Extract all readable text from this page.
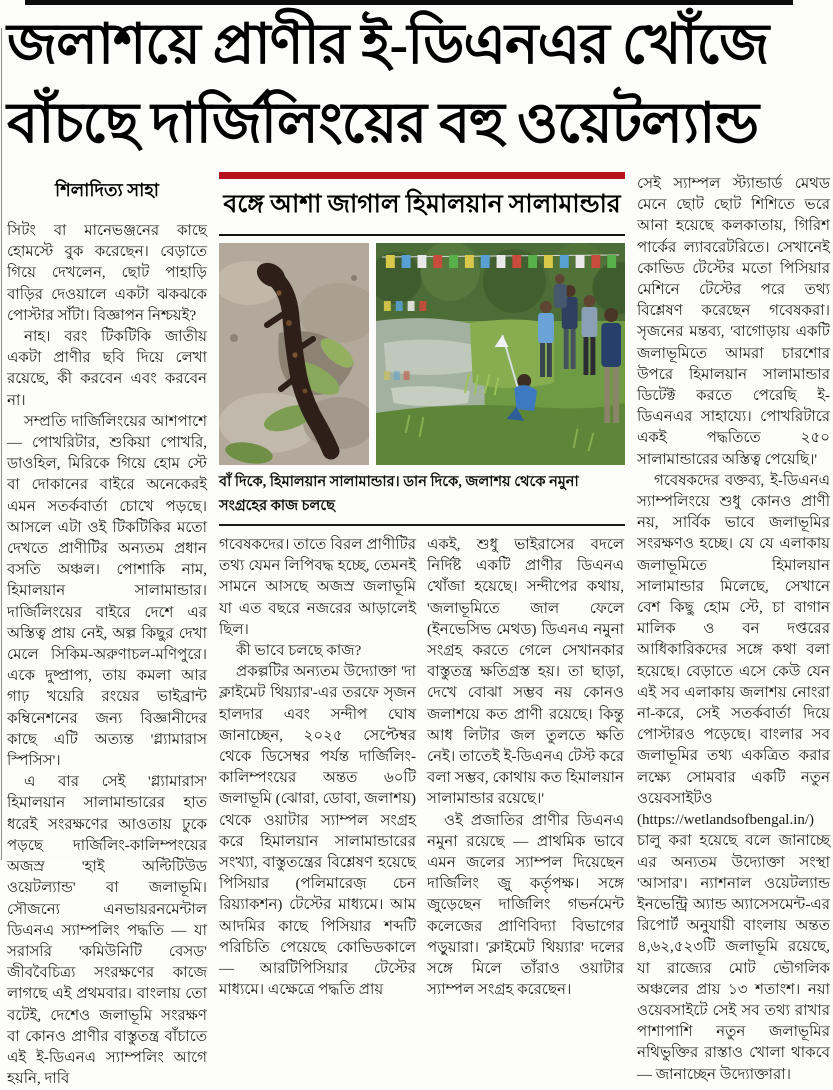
জলাশয়ে প্রাণীর ই-ডিএনএর খোঁজে
বাঁচছে দার্জিলিংয়ের বহু ওয়েটল্যান্ড
শিলাদিত্য সাহা

সিটং বা মানেভঞ্জনের কাছে হোমস্টে বুক করেছেন। বেড়াতে গিয়ে দেখলেন, ছোট পাহাড়ি বাড়ির দেওয়ালে একটা ঝকঝকে পোস্টার সাঁটা। বিজ্ঞাপন নিশ্চয়ই?

নাহ। বরং টিকটিকি জাতীয় একটা প্রাণীর ছবি দিয়ে লেখা রয়েছে, কী করবেন এবং করবেন না।

সম্প্রতি দার্জিলিংয়ের আশপাশে — পোখরিটার, শুকিয়া পোখরি, ডাওহিল, মিরিকে গিয়ে হোম স্টে বা দোকানের বাইরে অনেকেরই এমন সতর্কবার্তা চোখে পড়ছে। আসলে এটা ওই টিকটিকির মতো দেখতে প্রাণীটির অন্যতম প্রধান বসতি অঞ্চল। পোশাকি নাম, হিমালয়ান সালামান্ডার। দার্জিলিংয়ের বাইরে দেশে এর অস্তিত্ব প্রায় নেই, অল্প কিছুর দেখা মেলে সিকিম-অরুণাচল-মণিপুরে। একে দুষ্প্রাপ্য, তায় কমলা আর গাঢ় খয়েরি রংয়ের ভাইব্রান্ট কম্বিনেশনের জন্য বিজ্ঞানীদের কাছে এটি অত্যন্ত 'গ্ল্যামারাস স্পিসিস'।

এ বার সেই 'গ্ল্যামারাস' হিমালয়ান সালামান্ডারের হাত ধরেই সংরক্ষণের আওতায় ঢুকে পড়ছে দার্জিলিং-কালিম্পংয়ের অজস্র 'হাই অল্টিটিউড ওয়েটল্যান্ড' বা জলাভূমি। সৌজন্যে এনভায়রনমেন্টাল ডিএনএ স্যাম্পলিং পদ্ধতি — যা সরাসরি 'কমিউনিটি বেসড' জীববৈচিত্র্য সংরক্ষণের কাজে লাগছে এই প্রথমবার। বাংলায় তো বটেই, দেশেও জলাভূমি সংরক্ষণ বা কোনও প্রাণীর বাস্তুতন্ত্র বাঁচাতে এই ই-ডিএনএ স্যাম্পলিং আগে হয়নি, দাবি

বঙ্গে আশা জাগাল হিমালয়ান সালামান্ডার
বাঁ দিকে, হিমালয়ান সালামান্ডার। ডান দিকে, জলাশয় থেকে নমুনা সংগ্রহের কাজ চলছে

গবেষকদের। তাতে বিরল প্রাণীটির তথ্য যেমন লিপিবদ্ধ হচ্ছে, তেমনই সামনে আসছে অজস্র জলাভূমি যা এত বছরে নজরের আড়ালেই ছিল।

কী ভাবে চলছে কাজ?

প্রকল্পটির অন্যতম উদ্যোক্তা 'দা ক্লাইমেট থিয়্যার'-এর তরফে সৃজন হালদার এবং সন্দীপ ঘোষ জানাচ্ছেন, ২০২৫ সেপ্টেম্বর থেকে ডিসেম্বর পর্যন্ত দার্জিলিং-কালিম্পংয়ের অন্তত ৬০টি জলাভূমি (ঝোরা, ডোবা, জলাশয়) থেকে ওয়াটার স্যাম্পল সংগ্রহ করে হিমালয়ান সালামান্ডারের সংখ্যা, বাস্তুতন্ত্রের বিশ্লেষণ হয়েছে পিসিয়ার (পলিমারেজ় চেন রিয়্যাকশন) টেস্টের মাধ্যমে। আম আদমির কাছে পিসিয়ার শব্দটি পরিচিতি পেয়েছে কোভিডকালে — আরটিপিসিয়ার টেস্টের মাধ্যমে। এক্ষেত্রে পদ্ধতি প্রায়

একই, শুধু ভাইরাসের বদলে নির্দিষ্ট একটি প্রাণীর ডিএনএ খোঁজা হয়েছে। সন্দীপের কথায়, 'জলাভূমিতে জাল ফেলে (ইনভেসিভ মেথড) ডিএনএ নমুনা সংগ্রহ করতে গেলে সেখানকার বাস্তুতন্ত্র ক্ষতিগ্রস্ত হয়। তা ছাড়া, দেখে বোঝা সম্ভব নয় কোনও জলাশয়ে কত প্রাণী রয়েছে। কিন্তু আধ লিটার জল তুলতে ক্ষতি নেই। তাতেই ই-ডিএনএ টেস্ট করে বলা সম্ভব, কোথায় কত হিমালয়ান সালামান্ডার রয়েছে।'

ওই প্রজাতির প্রাণীর ডিএনএ নমুনা রয়েছে — প্রাথমিক ভাবে এমন জলের স্যাম্পল দিয়েছেন দার্জিলিং জ়ু কর্তৃপক্ষ। সঙ্গে জুড়েছেন দার্জিলিং গভর্নমেন্ট কলেজের প্রাণিবিদ্যা বিভাগের পড়ুয়ারা। 'ক্লাইমেট থিয়্যার' দলের সঙ্গে মিলে তাঁরাও ওয়াটার স্যাম্পল সংগ্রহ করেছেন।

সেই স্যাম্পল স্ট্যান্ডার্ড মেথড মেনে ছোট ছোট শিশিতে ভরে আনা হয়েছে কলকাতায়, গিরিশ পার্কের ল্যাবরেটরিতে। সেখানেই কোভিড টেস্টের মতো পিসিয়ার মেশিনে টেস্টের পরে তথ্য বিশ্লেষণ করেছেন গবেষকরা। সৃজনের মন্তব্য, 'বাগোড়ায় একটি জলাভূমিতে আমরা চারশোর উপরে হিমালয়ান সালামান্ডার ডিটেক্ট করতে পেরেছি ই-ডিএনএর সাহায্যে। পোখরিটারে একই পদ্ধতিতে ২৫০ সালামান্ডারের অস্তিত্ব পেয়েছি।'

গবেষকদের বক্তব্য, ই-ডিএনএ স্যাম্পলিংয়ে শুধু কোনও প্রাণী নয়, সার্বিক ভাবে জলাভূমির সংরক্ষণও হচ্ছে। যে যে এলাকায় জলাভূমিতে হিমালয়ান সালামান্ডার মিলেছে, সেখানে বেশ কিছু হোম স্টে, চা বাগান মালিক ও বন দপ্তরের আধিকারিকদের সঙ্গে কথা বলা হয়েছে। বেড়াতে এসে কেউ যেন এই সব এলাকায় জলাশয় নোংরা না-করে, সেই সতর্কবার্তা দিয়ে পোস্টারও পড়েছে। বাংলার সব জলাভূমির তথ্য একত্রিত করার লক্ষ্যে সোমবার একটি নতুন ওয়েবসাইটও (https://wetlandsofbengal.in/) চালু করা হয়েছে বলে জানাচ্ছে এর অন্যতম উদ্যোক্তা সংস্থা 'আসার'। ন্যাশনাল ওয়েটল্যান্ড ইনভেন্ট্রি অ্যান্ড অ্যাসেসমেন্ট-এর রিপোর্ট অনুযায়ী বাংলায় অন্তত ৪,৬২,৫২৩টি জলাভূমি রয়েছে, যা রাজ্যের মোট ভৌগলিক অঞ্চলের প্রায় ১৩ শতাংশ। নয়া ওয়েবসাইটে সেই সব তথ্য রাখার পাশাপাশি নতুন জলাভূমির নথিভুক্তির রাস্তাও খোলা থাকবে — জানাচ্ছেন উদ্যোক্তারা।
